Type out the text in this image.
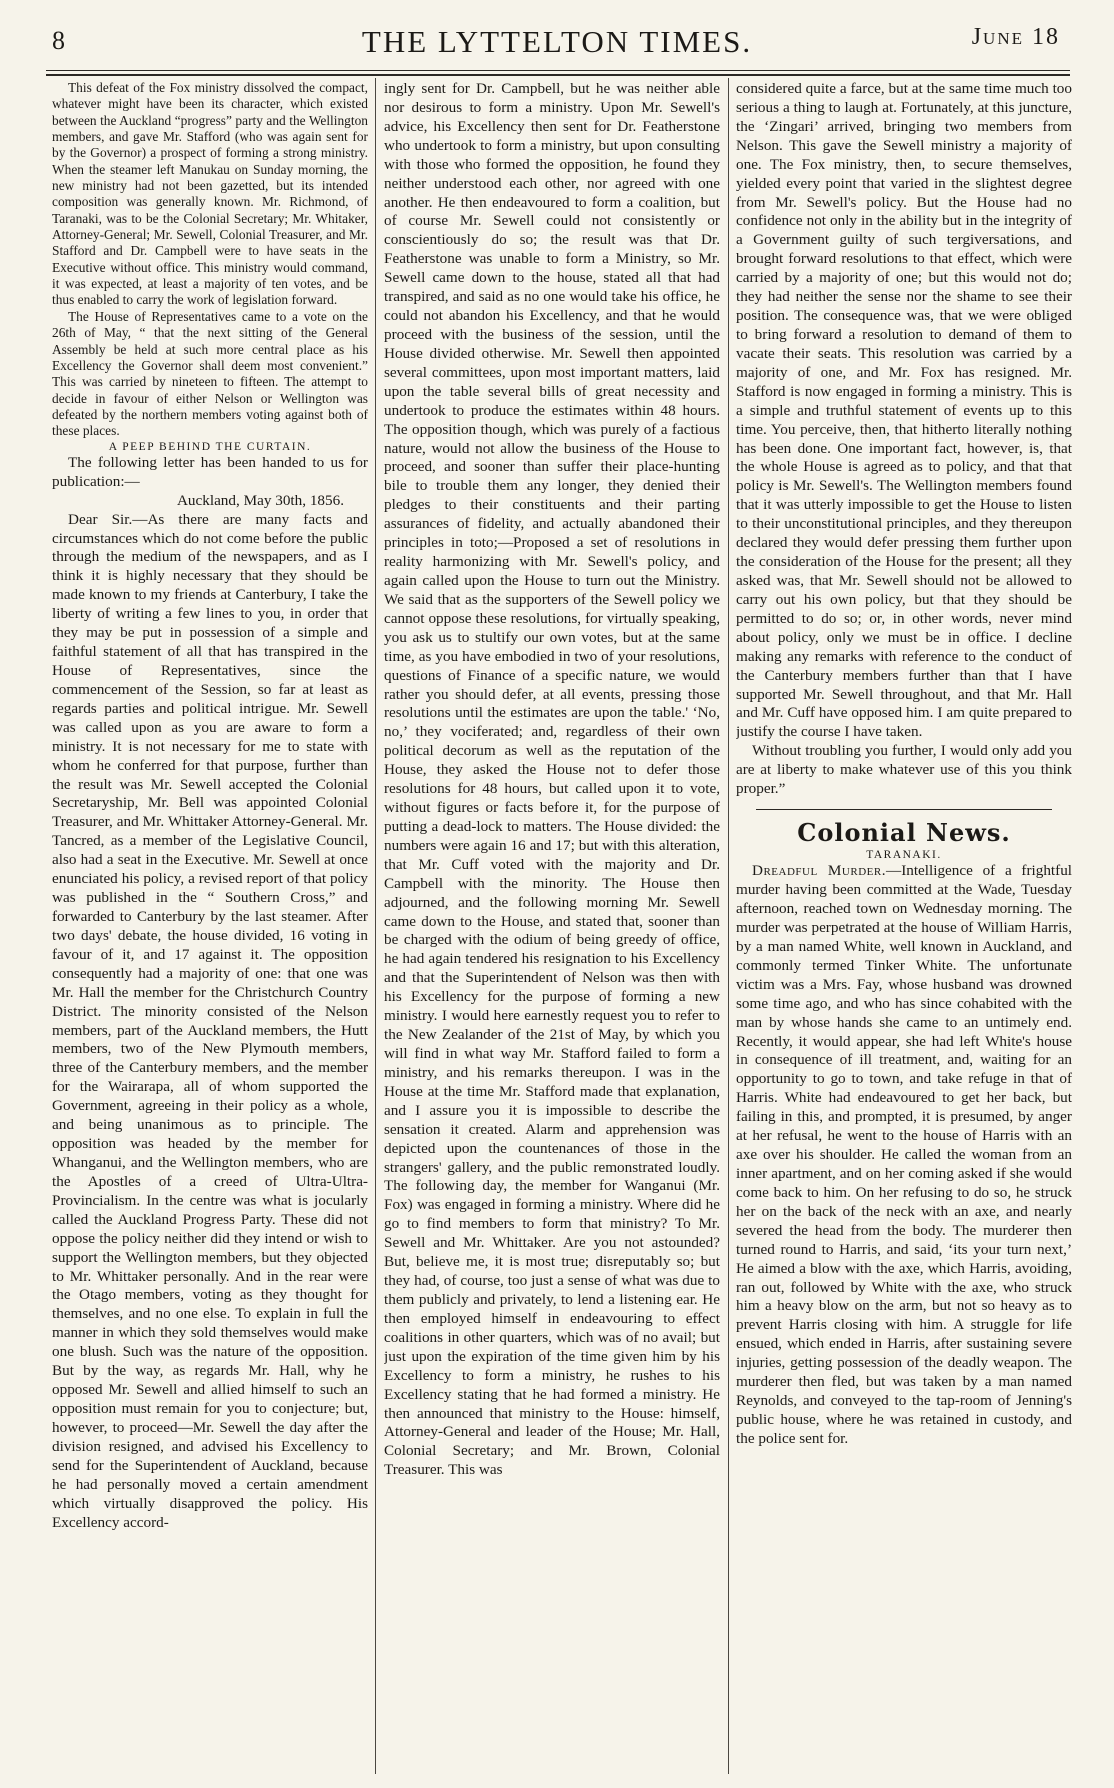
8	THE LYTTELTON TIMES.	June 18

This defeat of the Fox ministry dissolved the compact, whatever might have been its character, which existed between the Auckland “progress” party and the Wellington members, and gave Mr. Stafford (who was again sent for by the Governor) a prospect of forming a strong ministry. When the steamer left Manukau on Sunday morning, the new ministry had not been gazetted, but its intended composition was generally known. Mr. Richmond, of Taranaki, was to be the Colonial Secretary; Mr. Whitaker, Attorney-General; Mr. Sewell, Colonial Treasurer, and Mr. Stafford and Dr. Campbell were to have seats in the Executive without office. This ministry would command, it was expected, at least a majority of ten votes, and be thus enabled to carry the work of legislation forward.

The House of Representatives came to a vote on the 26th of May, “ that the next sitting of the General Assembly be held at such more central place as his Excellency the Governor shall deem most convenient.” This was carried by nineteen to fifteen. The attempt to decide in favour of either Nelson or Wellington was defeated by the northern members voting against both of these places.

A PEEP BEHIND THE CURTAIN.

The following letter has been handed to us for publication:—

Auckland, May 30th, 1856.

Dear Sir.—As there are many facts and circumstances which do not come before the public through the medium of the newspapers, and as I think it is highly necessary that they should be made known to my friends at Canterbury, I take the liberty of writing a few lines to you, in order that they may be put in possession of a simple and faithful statement of all that has transpired in the House of Representatives, since the commencement of the Session, so far at least as regards parties and political intrigue. Mr. Sewell was called upon as you are aware to form a ministry. It is not necessary for me to state with whom he conferred for that purpose, further than the result was Mr. Sewell accepted the Colonial Secretaryship, Mr. Bell was appointed Colonial Treasurer, and Mr. Whittaker Attorney-General. Mr. Tancred, as a member of the Legislative Council, also had a seat in the Executive. Mr. Sewell at once enunciated his policy, a revised report of that policy was published in the “ Southern Cross,” and forwarded to Canterbury by the last steamer. After two days' debate, the house divided, 16 voting in favour of it, and 17 against it. The opposition consequently had a majority of one: that one was Mr. Hall the member for the Christchurch Country District. The minority consisted of the Nelson members, part of the Auckland members, the Hutt members, two of the New Plymouth members, three of the Canterbury members, and the member for the Wairarapa, all of whom supported the Government, agreeing in their policy as a whole, and being unanimous as to principle. The opposition was headed by the member for Whanganui, and the Wellington members, who are the Apostles of a creed of Ultra-Ultra-Provincialism. In the centre was what is jocularly called the Auckland Progress Party. These did not oppose the policy neither did they intend or wish to support the Wellington members, but they objected to Mr. Whittaker personally. And in the rear were the Otago members, voting as they thought for themselves, and no one else. To explain in full the manner in which they sold themselves would make one blush. Such was the nature of the opposition. But by the way, as regards Mr. Hall, why he opposed Mr. Sewell and allied himself to such an opposition must remain for you to conjecture; but, however, to proceed—Mr. Sewell the day after the division resigned, and advised his Excellency to send for the Superintendent of Auckland, because he had personally moved a certain amendment which virtually disapproved the policy. His Excellency accord-

ingly sent for Dr. Campbell, but he was neither able nor desirous to form a ministry. Upon Mr. Sewell's advice, his Excellency then sent for Dr. Featherstone who undertook to form a ministry, but upon consulting with those who formed the opposition, he found they neither understood each other, nor agreed with one another. He then endeavoured to form a coalition, but of course Mr. Sewell could not consistently or conscientiously do so; the result was that Dr. Featherstone was unable to form a Ministry, so Mr. Sewell came down to the house, stated all that had transpired, and said as no one would take his office, he could not abandon his Excellency, and that he would proceed with the business of the session, until the House divided otherwise. Mr. Sewell then appointed several committees, upon most important matters, laid upon the table several bills of great necessity and undertook to produce the estimates within 48 hours. The opposition though, which was purely of a factious nature, would not allow the business of the House to proceed, and sooner than suffer their place-hunting bile to trouble them any longer, they denied their pledges to their constituents and their parting assurances of fidelity, and actually abandoned their principles in toto;—Proposed a set of resolutions in reality harmonizing with Mr. Sewell's policy, and again called upon the House to turn out the Ministry. We said that as the supporters of the Sewell policy we cannot oppose these resolutions, for virtually speaking, you ask us to stultify our own votes, but at the same time, as you have embodied in two of your resolutions, questions of Finance of a specific nature, we would rather you should defer, at all events, pressing those resolutions until the estimates are upon the table.' ‘No, no,’ they vociferated; and, regardless of their own political decorum as well as the reputation of the House, they asked the House not to defer those resolutions for 48 hours, but called upon it to vote, without figures or facts before it, for the purpose of putting a dead-lock to matters. The House divided: the numbers were again 16 and 17; but with this alteration, that Mr. Cuff voted with the majority and Dr. Campbell with the minority. The House then adjourned, and the following morning Mr. Sewell came down to the House, and stated that, sooner than be charged with the odium of being greedy of office, he had again tendered his resignation to his Excellency and that the Superintendent of Nelson was then with his Excellency for the purpose of forming a new ministry. I would here earnestly request you to refer to the New Zealander of the 21st of May, by which you will find in what way Mr. Stafford failed to form a ministry, and his remarks thereupon. I was in the House at the time Mr. Stafford made that explanation, and I assure you it is impossible to describe the sensation it created. Alarm and apprehension was depicted upon the countenances of those in the strangers' gallery, and the public remonstrated loudly. The following day, the member for Wanganui (Mr. Fox) was engaged in forming a ministry. Where did he go to find members to form that ministry? To Mr. Sewell and Mr. Whittaker. Are you not astounded? But, believe me, it is most true; disreputably so; but they had, of course, too just a sense of what was due to them publicly and privately, to lend a listening ear. He then employed himself in endeavouring to effect coalitions in other quarters, which was of no avail; but just upon the expiration of the time given him by his Excellency to form a ministry, he rushes to his Excellency stating that he had formed a ministry. He then announced that ministry to the House: himself, Attorney-General and leader of the House; Mr. Hall, Colonial Secretary; and Mr. Brown, Colonial Treasurer. This was

considered quite a farce, but at the same time much too serious a thing to laugh at. Fortunately, at this juncture, the ‘Zingari’ arrived, bringing two members from Nelson. This gave the Sewell ministry a majority of one. The Fox ministry, then, to secure themselves, yielded every point that varied in the slightest degree from Mr. Sewell's policy. But the House had no confidence not only in the ability but in the integrity of a Government guilty of such tergiversations, and brought forward resolutions to that effect, which were carried by a majority of one; but this would not do; they had neither the sense nor the shame to see their position. The consequence was, that we were obliged to bring forward a resolution to demand of them to vacate their seats. This resolution was carried by a majority of one, and Mr. Fox has resigned. Mr. Stafford is now engaged in forming a ministry. This is a simple and truthful statement of events up to this time. You perceive, then, that hitherto literally nothing has been done. One important fact, however, is, that the whole House is agreed as to policy, and that that policy is Mr. Sewell's. The Wellington members found that it was utterly impossible to get the House to listen to their unconstitutional principles, and they thereupon declared they would defer pressing them further upon the consideration of the House for the present; all they asked was, that Mr. Sewell should not be allowed to carry out his own policy, but that they should be permitted to do so; or, in other words, never mind about policy, only we must be in office. I decline making any remarks with reference to the conduct of the Canterbury members further than that I have supported Mr. Sewell throughout, and that Mr. Hall and Mr. Cuff have opposed him. I am quite prepared to justify the course I have taken.

Without troubling you further, I would only add you are at liberty to make whatever use of this you think proper.”

Colonial News.

TARANAKI.

Dreadful Murder.—Intelligence of a frightful murder having been committed at the Wade, Tuesday afternoon, reached town on Wednesday morning. The murder was perpetrated at the house of William Harris, by a man named White, well known in Auckland, and commonly termed Tinker White. The unfortunate victim was a Mrs. Fay, whose husband was drowned some time ago, and who has since cohabited with the man by whose hands she came to an untimely end. Recently, it would appear, she had left White's house in consequence of ill treatment, and, waiting for an opportunity to go to town, and take refuge in that of Harris. White had endeavoured to get her back, but failing in this, and prompted, it is presumed, by anger at her refusal, he went to the house of Harris with an axe over his shoulder. He called the woman from an inner apartment, and on her coming asked if she would come back to him. On her refusing to do so, he struck her on the back of the neck with an axe, and nearly severed the head from the body. The murderer then turned round to Harris, and said, ‘its your turn next,’ He aimed a blow with the axe, which Harris, avoiding, ran out, followed by White with the axe, who struck him a heavy blow on the arm, but not so heavy as to prevent Harris closing with him. A struggle for life ensued, which ended in Harris, after sustaining severe injuries, getting possession of the deadly weapon. The murderer then fled, but was taken by a man named Reynolds, and conveyed to the tap-room of Jenning's public house, where he was retained in custody, and the police sent for.
